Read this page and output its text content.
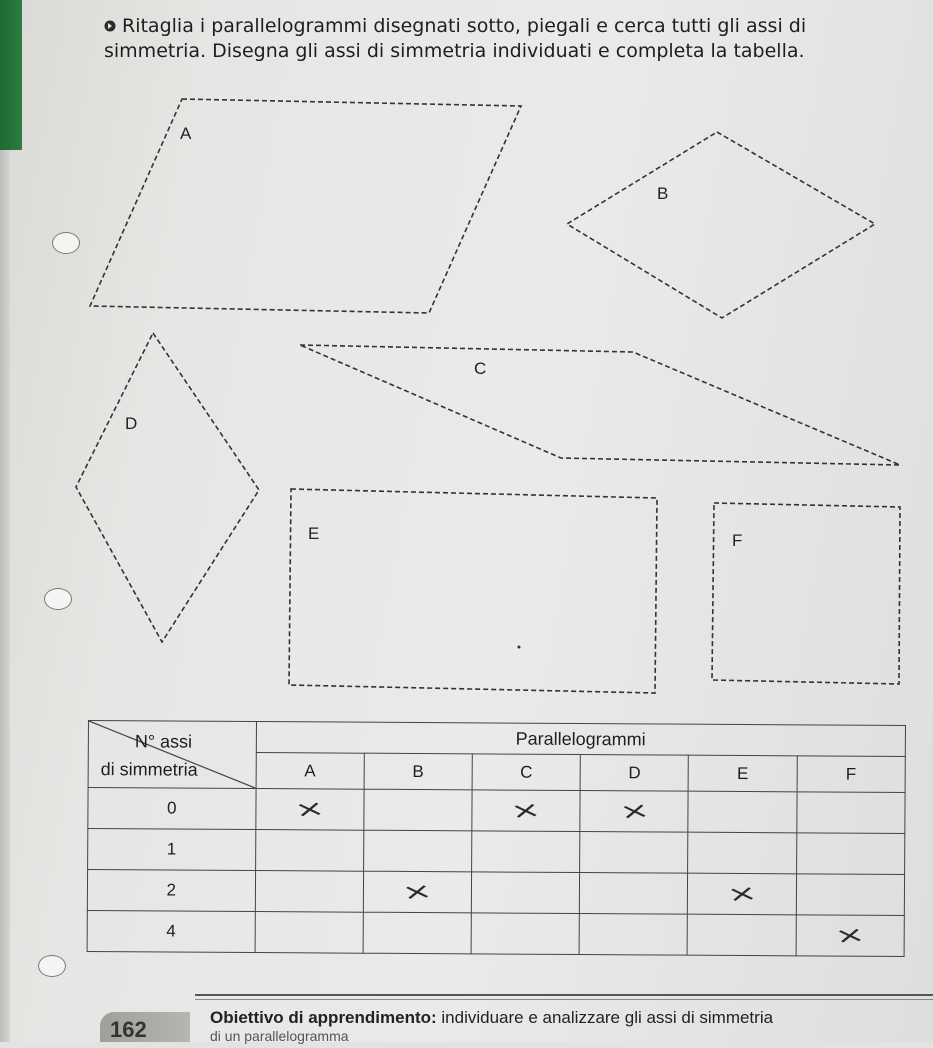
Ritaglia i parallelogrammi disegnati sotto, piegali e cerca tutti gli assi di simmetria. Disegna gli assi di simmetria individuati e completa la tabella.
A
B
C
D
E	F
N° assi
di simmetria	Parallelogrammi					
	A	B	C	D	E	F
0	×		×	×		
1						
2		×			×	
4						×
162	Obiettivo di apprendimento: individuare e analizzare gli assi di simmetria
di un parallelogramma
